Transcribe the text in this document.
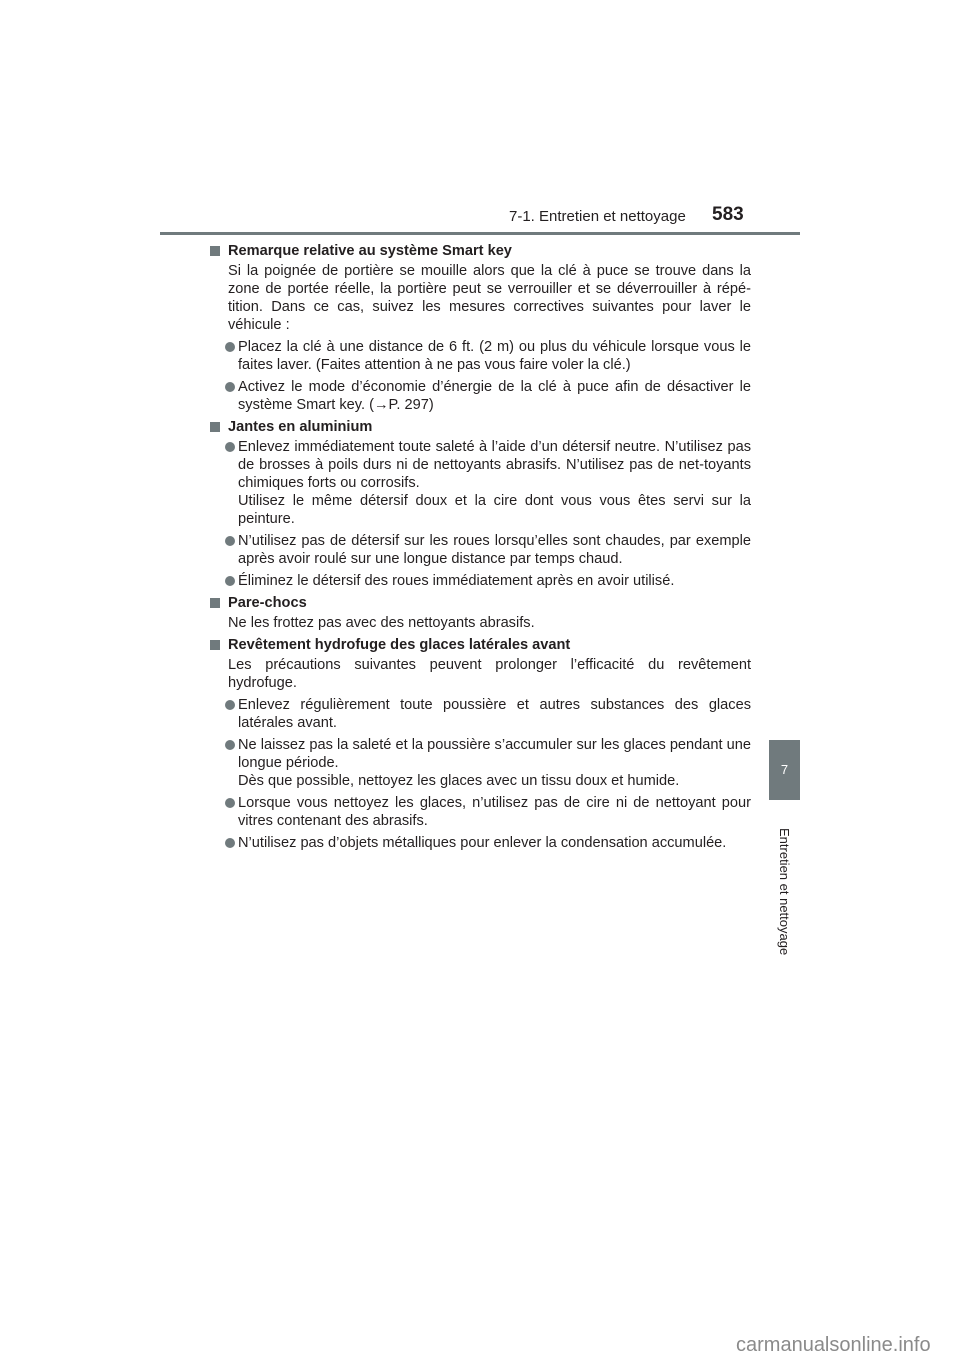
7-1. Entretien et nettoyage 583
7
Entretien et nettoyage
Remarque relative au système Smart key
Si la poignée de portière se mouille alors que la clé à puce se trouve dans la zone de portée réelle, la portière peut se verrouiller et se déverrouiller à répé-tition. Dans ce cas, suivez les mesures correctives suivantes pour laver le véhicule :

Placez la clé à une distance de 6 ft. (2 m) ou plus du véhicule lorsque vous le faites laver. (Faites attention à ne pas vous faire voler la clé.)

Activez le mode d’économie d’énergie de la clé à puce afin de désactiver le système Smart key. (→P. 297)

Jantes en aluminium

Enlevez immédiatement toute saleté à l’aide d’un détersif neutre. N’utilisez pas de brosses à poils durs ni de nettoyants abrasifs. N’utilisez pas de net-toyants chimiques forts ou corrosifs.

Utilisez le même détersif doux et la cire dont vous vous êtes servi sur la peinture.

N’utilisez pas de détersif sur les roues lorsqu’elles sont chaudes, par exemple après avoir roulé sur une longue distance par temps chaud.

Éliminez le détersif des roues immédiatement après en avoir utilisé.

Pare-chocs
Ne les frottez pas avec des nettoyants abrasifs.
Revêtement hydrofuge des glaces latérales avant
Les précautions suivantes peuvent prolonger l’efficacité du revêtement hydrofuge.

Enlevez régulièrement toute poussière et autres substances des glaces latérales avant.

Ne laissez pas la saleté et la poussière s’accumuler sur les glaces pendant une longue période.

Dès que possible, nettoyez les glaces avec un tissu doux et humide.

Lorsque vous nettoyez les glaces, n’utilisez pas de cire ni de nettoyant pour vitres contenant des abrasifs.

N’utilisez pas d’objets métalliques pour enlever la condensation accumulée.

carmanualsonline.info
